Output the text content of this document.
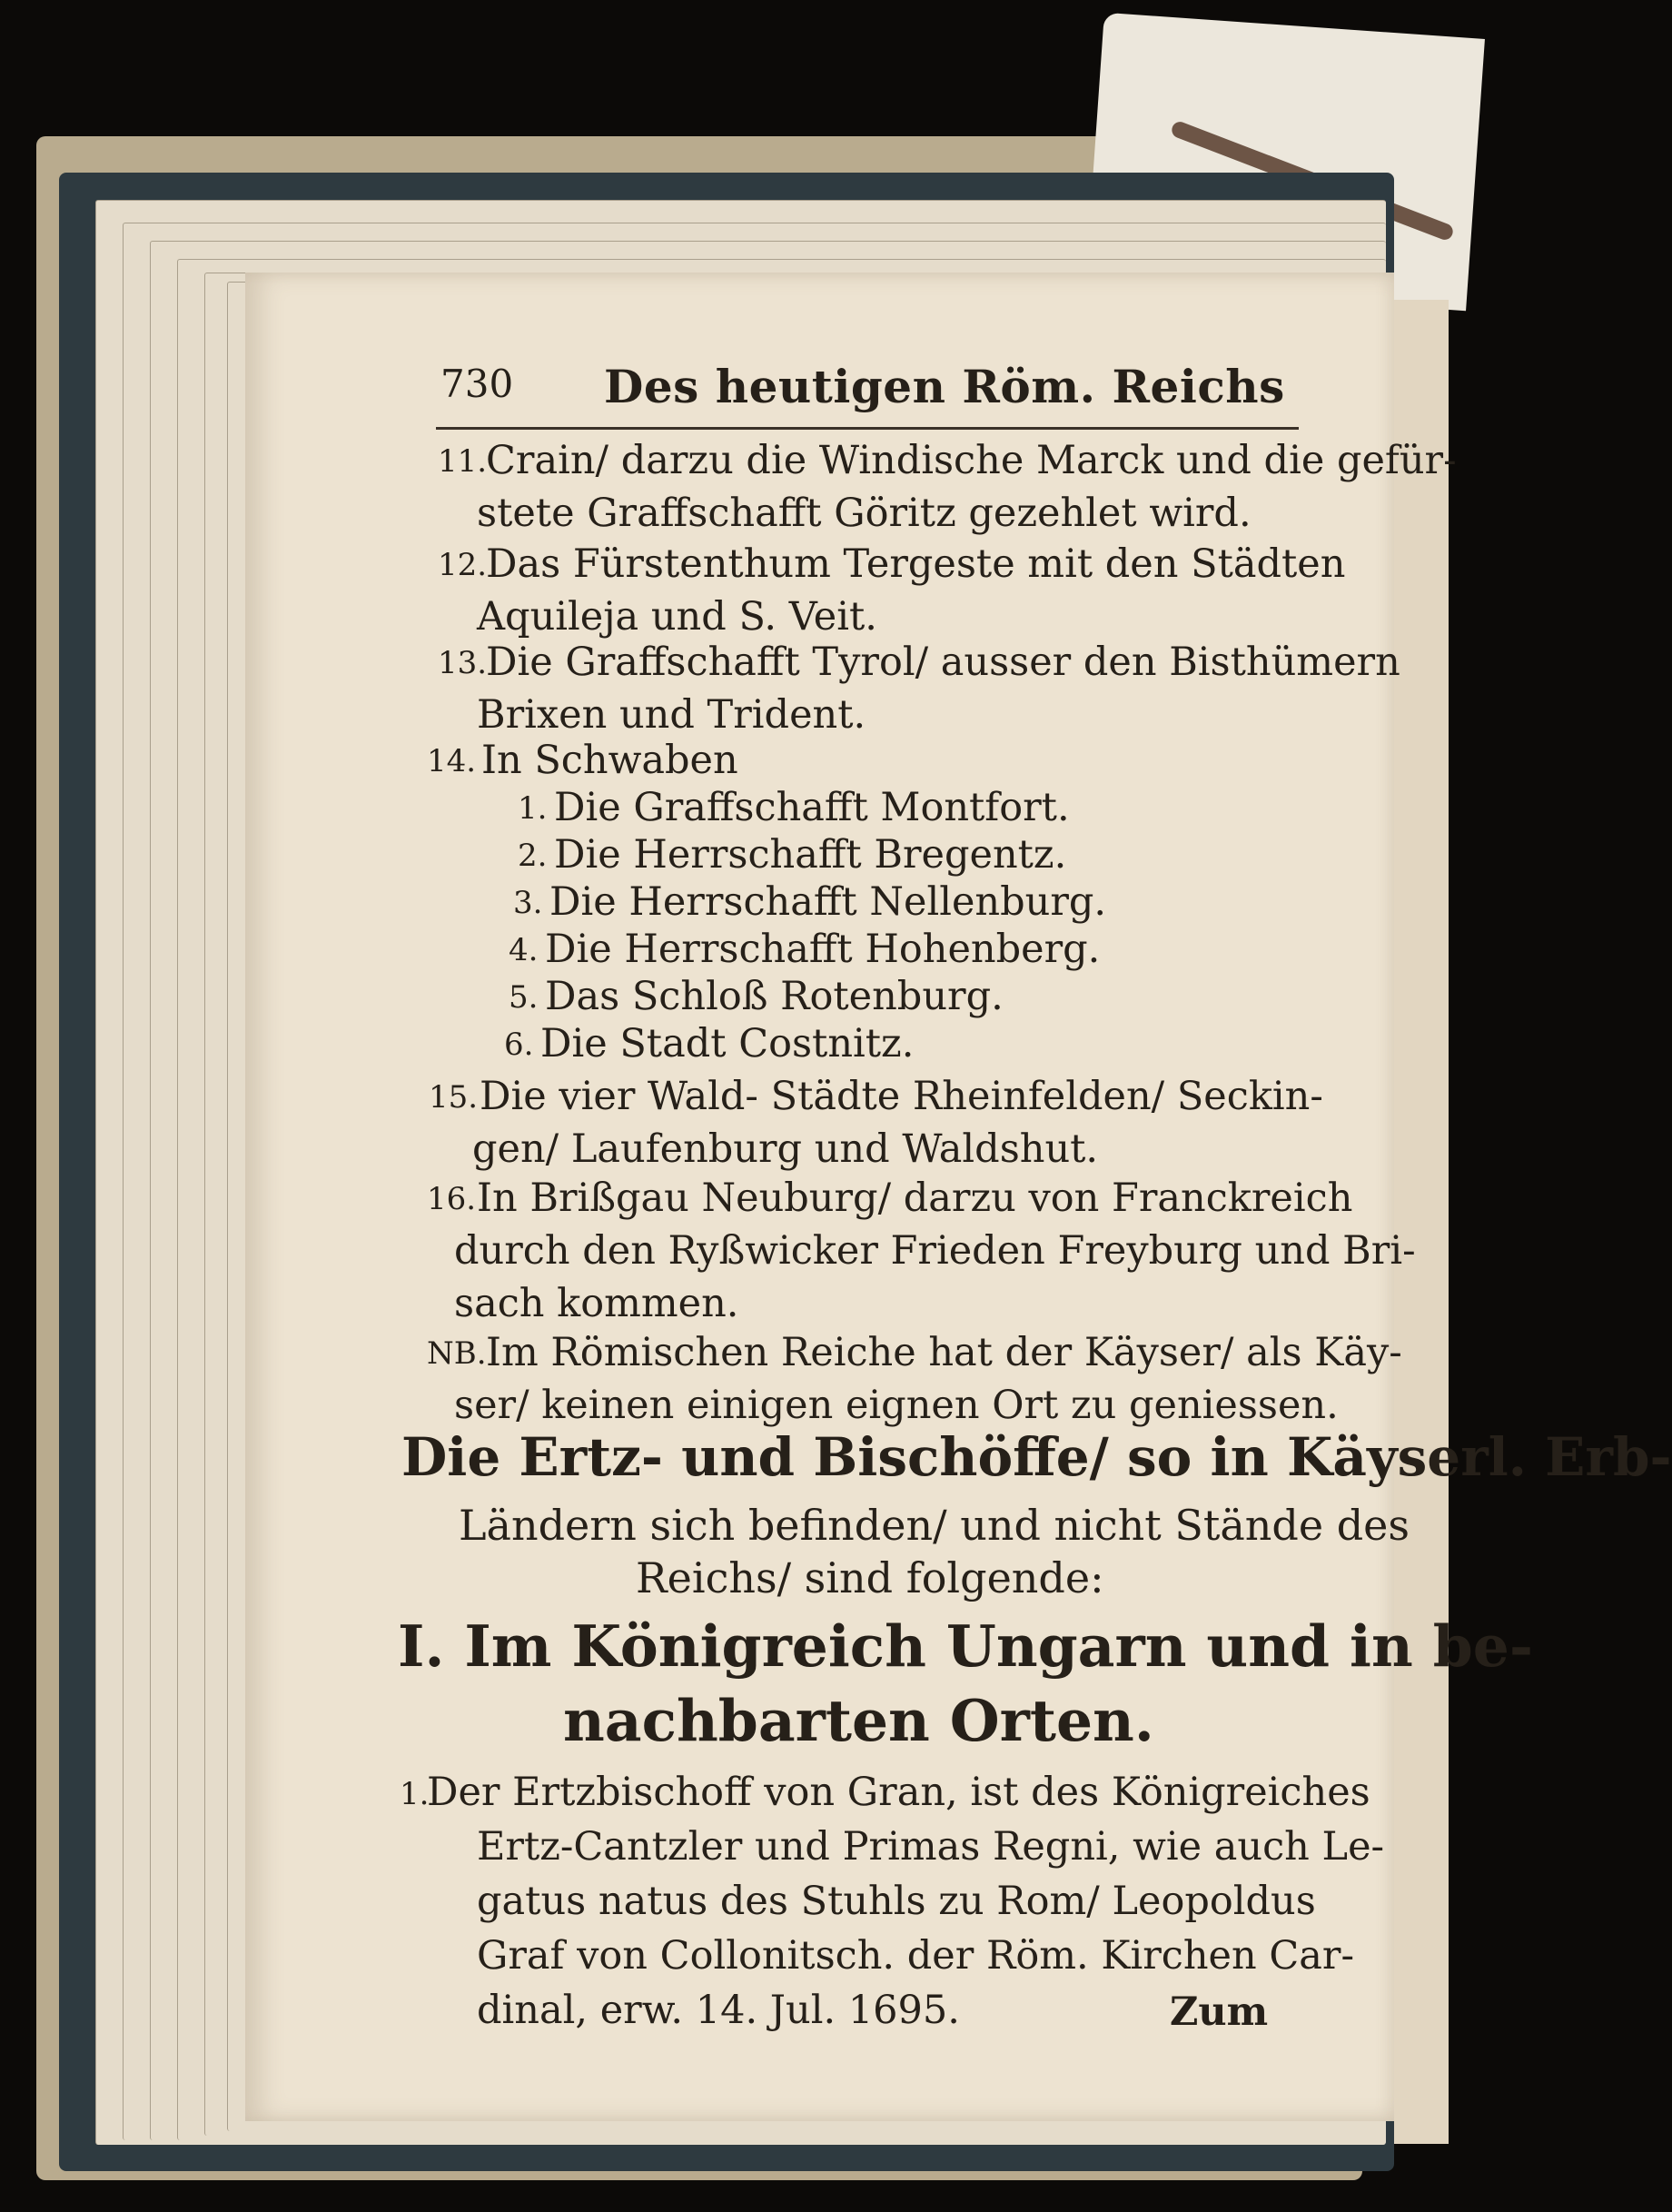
730 Des heutigen Röm. Reichs
11.
Crain/ darzu die Windische Marck und die gefür-
stete Graffschafft Göritz gezehlet wird.
12.
Das Fürstenthum Tergeste mit den Städten
Aquileja und S. Veit.
13.
Die Graffschafft Tyrol/ ausser den Bisthümern
Brixen und Trident.
14. In Schwaben
1. Die Graffschafft Montfort.
2. Die Herrschafft Bregentz.
3. Die Herrschafft Nellenburg.
4. Die Herrschafft Hohenberg.
5. Das Schloß Rotenburg.
6. Die Stadt Costnitz.
15. Die vier Wald- Städte Rheinfelden/ Seckin-
gen/ Laufenburg und Waldshut.
16. In Brißgau Neuburg/ darzu von Franckreich
durch den Ryßwicker Frieden Freyburg und Bri-
sach kommen.
NB. Im Römischen Reiche hat der Käyser/ als Käy-
ser/ keinen einigen eignen Ort zu geniessen.
Die Ertz- und Bischöffe/ so in Käyserl. Erb-
Ländern sich befinden/ und nicht Stände des
Reichs/ sind folgende:
I. Im Königreich Ungarn und in be-
nachbarten Orten.
1.
Der Ertzbischoff von Gran, ist des Königreiches
Ertz-Cantzler und Primas Regni, wie auch Le-
gatus natus des Stuhls zu Rom/ Leopoldus
Graf von Collonitsch. der Röm. Kirchen Car-
dinal, erw. 14. Jul. 1695.	Zum
